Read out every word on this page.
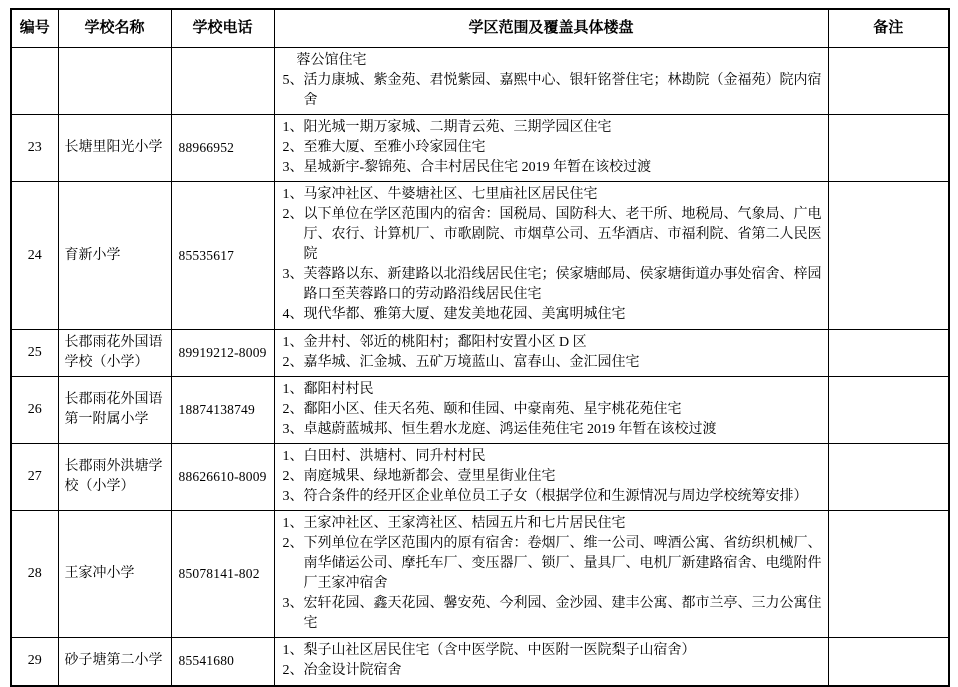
编号	学校名称	学校电话	学区范围及覆盖具体楼盘	备注

			蓉公馆住宅
5、活力康城、紫金苑、君悦紫园、嘉熙中心、银轩铭誉住宅；林勘院（金福苑）院内宿舍	

23	长塘里阳光小学	88966952	1、阳光城一期万家城、二期青云苑、三期学园区住宅
2、至雅大厦、至雅小玲家园住宅
3、星城新宇-黎锦苑、合丰村居民住宅 2019 年暂在该校过渡	

24	育新小学	85535617	1、马家冲社区、牛婆塘社区、七里庙社区居民住宅
2、以下单位在学区范围内的宿舍：国税局、国防科大、老干所、地税局、气象局、广电厅、农行、计算机厂、市歌剧院、市烟草公司、五华酒店、市福利院、省第二人民医院
3、芙蓉路以东、新建路以北沿线居民住宅；侯家塘邮局、侯家塘街道办事处宿舍、梓园路口至芙蓉路口的劳动路沿线居民住宅
4、现代华都、雅第大厦、建发美地花园、美寓明城住宅	

25	长郡雨花外国语学校（小学）	89919212-8009	1、金井村、邻近的桃阳村；鄱阳村安置小区 D 区
2、嘉华城、汇金城、五矿万境蓝山、富春山、金汇园住宅	

26	长郡雨花外国语第一附属小学	18874138749	1、鄱阳村村民
2、鄱阳小区、佳天名苑、颐和佳园、中豪南苑、星宇桃花苑住宅
3、卓越蔚蓝城邦、恒生碧水龙庭、鸿运佳苑住宅 2019 年暂在该校过渡	

27	长郡雨外洪塘学校（小学）	88626610-8009	1、白田村、洪塘村、同升村村民
2、南庭城果、绿地新都会、壹里星街业住宅
3、符合条件的经开区企业单位员工子女（根据学位和生源情况与周边学校统筹安排）	

28	王家冲小学	85078141-802	1、王家冲社区、王家湾社区、桔园五片和七片居民住宅
2、下列单位在学区范围内的原有宿舍：卷烟厂、维一公司、啤酒公寓、省纺织机械厂、南华储运公司、摩托车厂、变压器厂、锁厂、量具厂、电机厂新建路宿舍、电缆附件厂王家冲宿舍
3、宏轩花园、鑫天花园、馨安苑、今利园、金沙园、建丰公寓、都市兰亭、三力公寓住宅	

29	砂子塘第二小学	85541680	1、梨子山社区居民住宅（含中医学院、中医附一医院梨子山宿舍）
2、冶金设计院宿舍	
